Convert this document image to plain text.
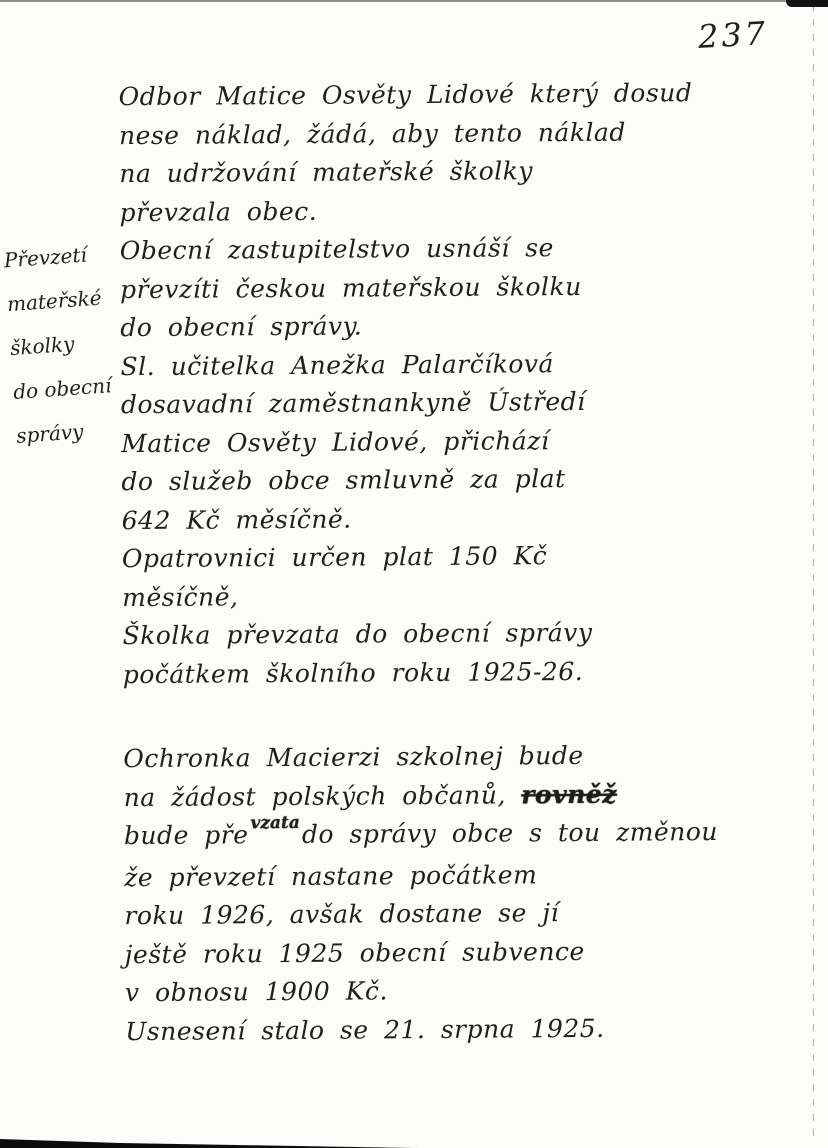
237
Převzetí
mateřské
školky
do obecní
správy
Odbor Matice Osvěty Lidové který dosud
nese náklad, žádá, aby tento náklad
na udržování mateřské školky
převzala obec.
Obecní zastupitelstvo usnáší se
převzíti českou mateřskou školku
do obecní správy.
Sl. učitelka Anežka Palarčíková
dosavadní zaměstnankyně Ústředí
Matice Osvěty Lidové, přichází
do služeb obce smluvně za plat
642 Kč měsíčně.
Opatrovnici určen plat 150 Kč
měsíčně,
Školka převzata do obecní správy
počátkem školního roku 1925-26.
Ochronka Macierzi szkolnej bude
na žádost polských občanů, rovněž
bude pře vzatado správy obce s tou změnou
že převzetí nastane počátkem
roku 1926, avšak dostane se jí
ještě roku 1925 obecní subvence
v obnosu 1900 Kč.
Usnesení stalo se 21. srpna 1925.
